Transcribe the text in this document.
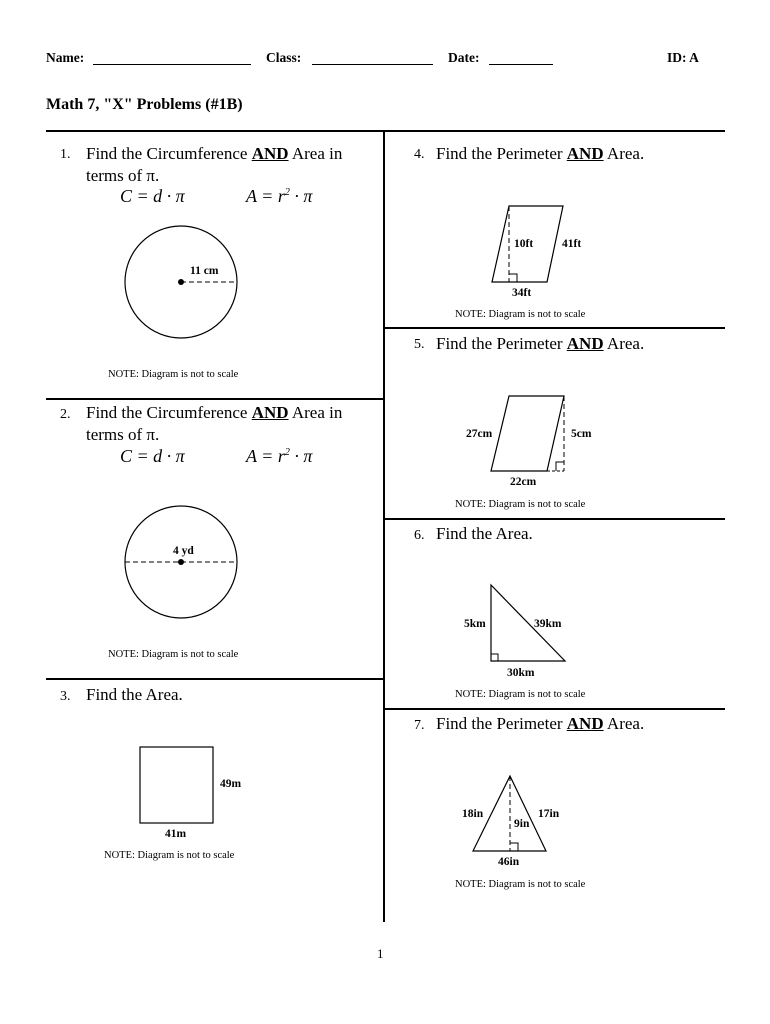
Name:	Class:	Date:	ID: A
Math 7, "X" Problems (#1B)
1. Find the Circumference AND Area in
terms of π.
C = d · π	$A = r^2 \cdot \pi$
11 cm
NOTE: Diagram is not to scale
2. Find the Circumference AND Area in
terms of π.
C = d · π	$A = r^2 \cdot \pi$
4 yd
NOTE: Diagram is not to scale
3. Find the Area.
49m
41m
NOTE: Diagram is not to scale
4. Find the Perimeter AND Area.
10ft	41ft
34ft
NOTE: Diagram is not to scale
5. Find the Perimeter AND Area.
27cm	5cm
22cm
NOTE: Diagram is not to scale
6. Find the Area.
5km	39km
30km
NOTE: Diagram is not to scale
7. Find the Perimeter AND Area.
18in
9in
17in
46in
NOTE: Diagram is not to scale
1
